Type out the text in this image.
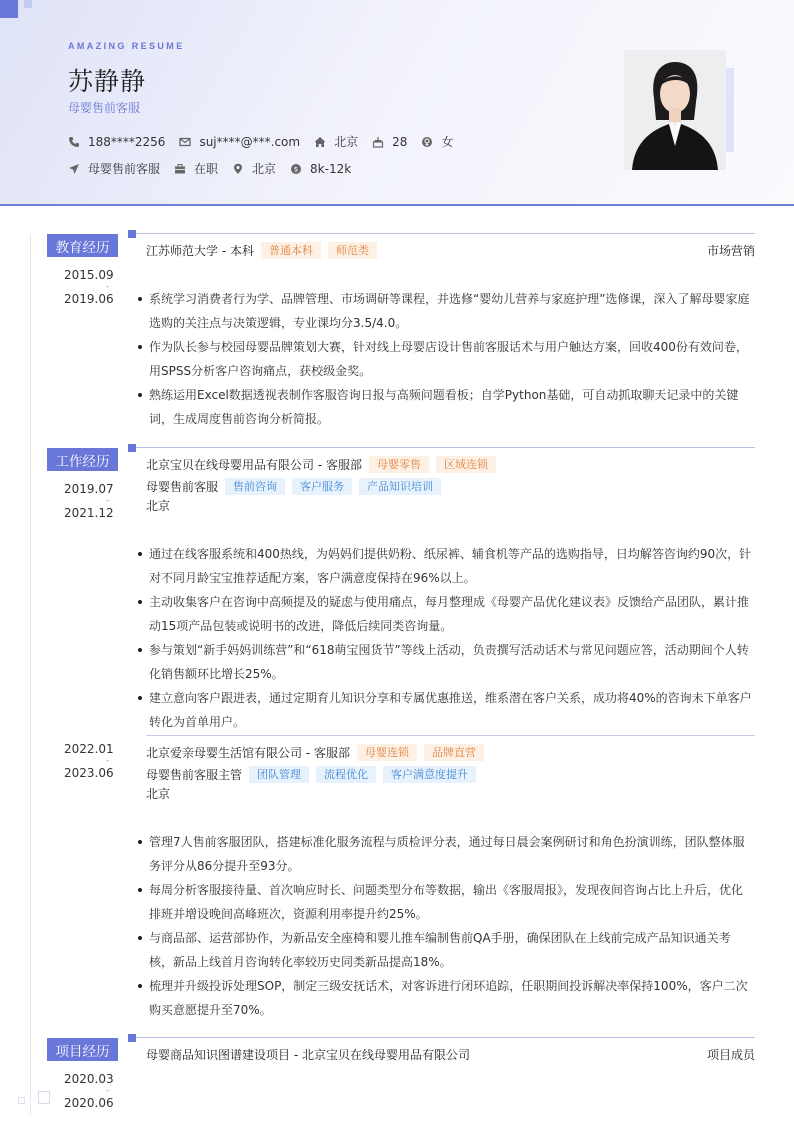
AMAZING RESUME
苏静静
母婴售前客服
188****2256	suj****@***.com	北京	28	女
母婴售前客服	在职	北京	$ 8k-12k
教育经历
2015.09
-
2019.06
江苏师范大学 - 本科	普通本科	师范类	市场营销
系统学习消费者行为学、品牌管理、市场调研等课程，并选修“婴幼儿营养与家庭护理”选修课，深入了解母婴家庭选购的关注点与决策逻辑，专业课均分3.5/4.0。
作为队长参与校园母婴品牌策划大赛，针对线上母婴店设计售前客服话术与用户触达方案，回收400份有效问卷，用SPSS分析客户咨询痛点，获校级金奖。
熟练运用Excel数据透视表制作客服咨询日报与高频问题看板；自学Python基础，可自动抓取聊天记录中的关键词，生成周度售前咨询分析简报。
工作经历
2019.07
-
2021.12
北京宝贝在线母婴用品有限公司 - 客服部	母婴零售	区域连锁
母婴售前客服	售前咨询	客户服务	产品知识培训
北京
通过在线客服系统和400热线，为妈妈们提供奶粉、纸尿裤、辅食机等产品的选购指导，日均解答咨询约90次，针对不同月龄宝宝推荐适配方案，客户满意度保持在96%以上。
主动收集客户在咨询中高频提及的疑虑与使用痛点，每月整理成《母婴产品优化建议表》反馈给产品团队，累计推动15项产品包装或说明书的改进，降低后续同类咨询量。
参与策划“新手妈妈训练营”和“618萌宝囤货节”等线上活动，负责撰写活动话术与常见问题应答，活动期间个人转化销售额环比增长25%。
建立意向客户跟进表，通过定期育儿知识分享和专属优惠推送，维系潜在客户关系，成功将40%的咨询未下单客户转化为首单用户。
2022.01
-
2023.06
北京爱亲母婴生活馆有限公司 - 客服部	母婴连锁	品牌直营
母婴售前客服主管	团队管理	流程优化	客户满意度提升
北京
管理7人售前客服团队，搭建标准化服务流程与质检评分表，通过每日晨会案例研讨和角色扮演训练，团队整体服务评分从86分提升至93分。
每周分析客服接待量、首次响应时长、问题类型分布等数据，输出《客服周报》，发现夜间咨询占比上升后，优化排班并增设晚间高峰班次，资源利用率提升约25%。
与商品部、运营部协作，为新品安全座椅和婴儿推车编制售前QA手册，确保团队在上线前完成产品知识通关考核，新品上线首月咨询转化率较历史同类新品提高18%。
梳理并升级投诉处理SOP，制定三级安抚话术，对客诉进行闭环追踪，任职期间投诉解决率保持100%，客户二次购买意愿提升至70%。
项目经历
2020.03
-
2020.06
母婴商品知识图谱建设项目 - 北京宝贝在线母婴用品有限公司	项目成员
